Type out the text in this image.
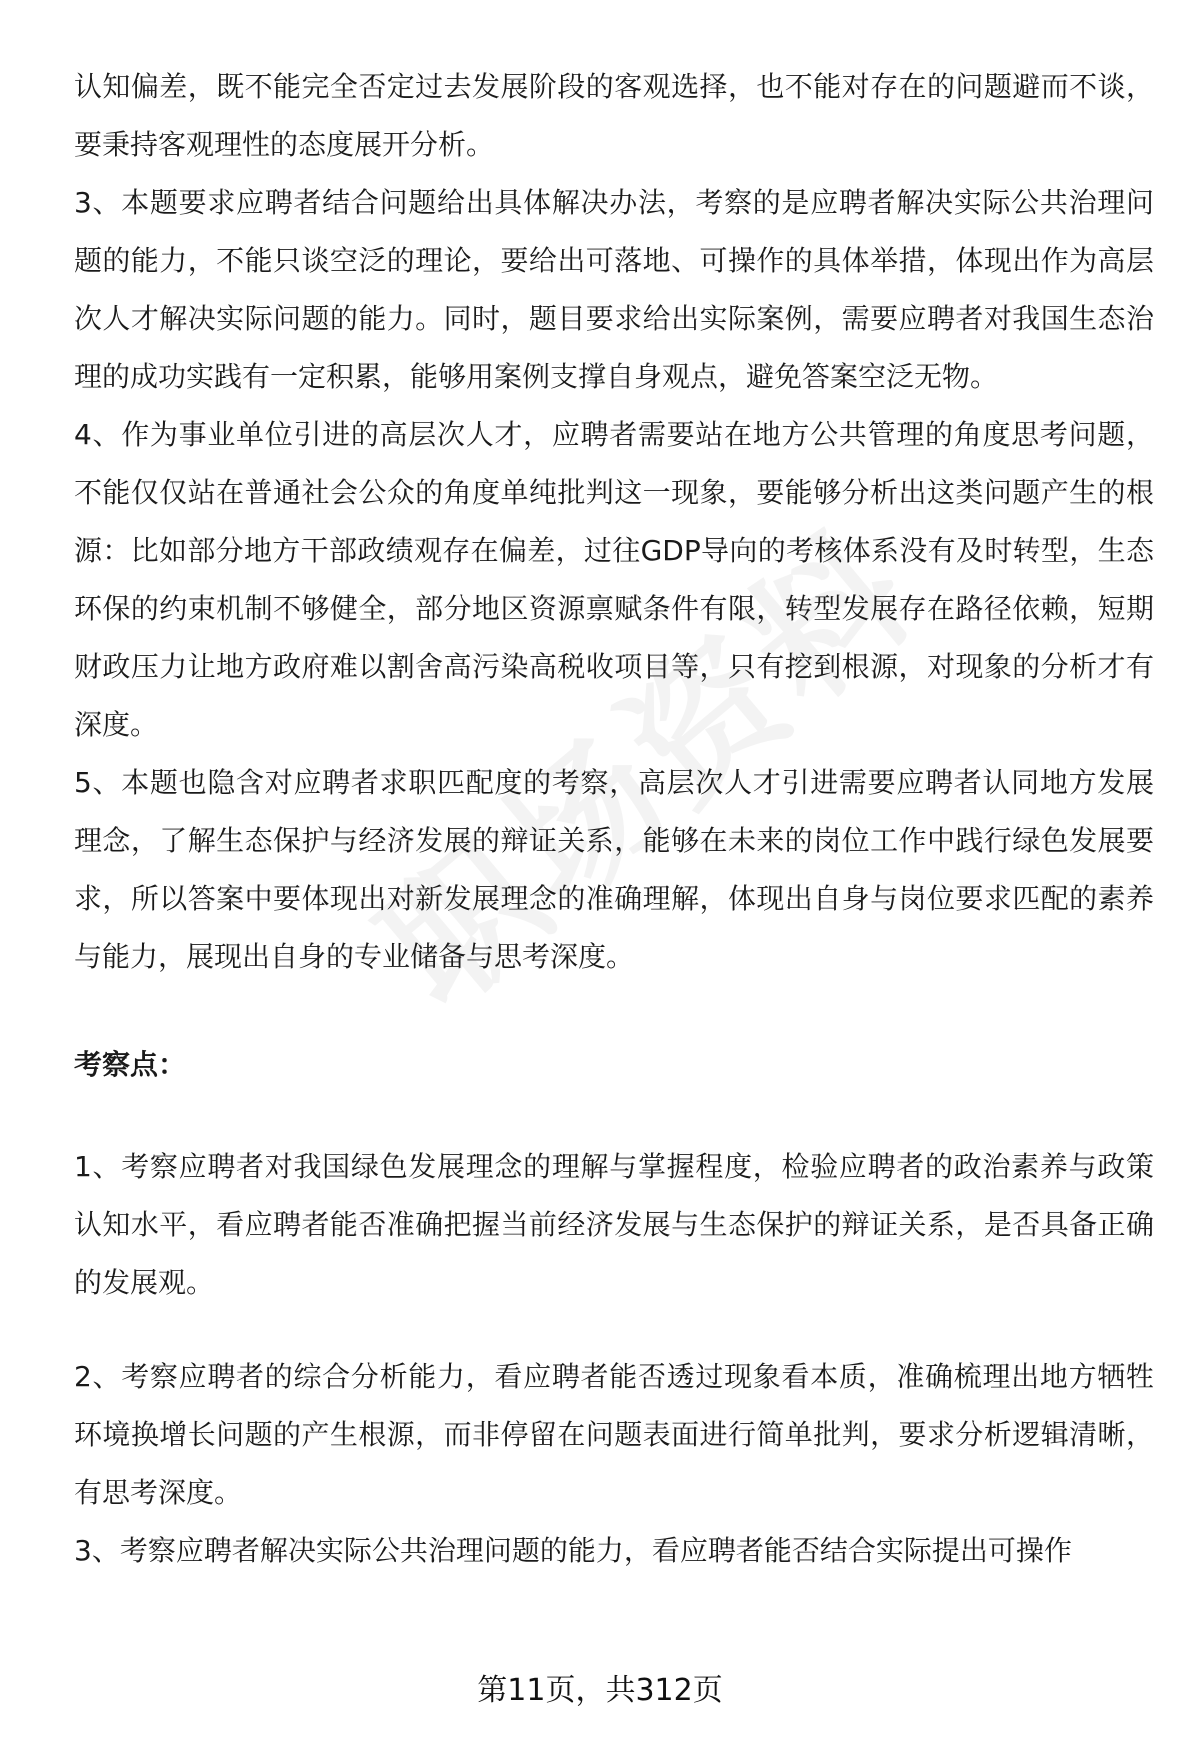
认知偏差，既不能完全否定过去发展阶段的客观选择，也不能对存在的问题避而不谈，要秉持客观理性的态度展开分析。

3、本题要求应聘者结合问题给出具体解决办法，考察的是应聘者解决实际公共治理问题的能力，不能只谈空泛的理论，要给出可落地、可操作的具体举措，体现出作为高层次人才解决实际问题的能力。同时，题目要求给出实际案例，需要应聘者对我国生态治理的成功实践有一定积累，能够用案例支撑自身观点，避免答案空泛无物。

4、作为事业单位引进的高层次人才，应聘者需要站在地方公共管理的角度思考问题，不能仅仅站在普通社会公众的角度单纯批判这一现象，要能够分析出这类问题产生的根源：比如部分地方干部政绩观存在偏差，过往GDP导向的考核体系没有及时转型，生态环保的约束机制不够健全，部分地区资源禀赋条件有限，转型发展存在路径依赖，短期财政压力让地方政府难以割舍高污染高税收项目等，只有挖到根源，对现象的分析才有深度。

5、本题也隐含对应聘者求职匹配度的考察，高层次人才引进需要应聘者认同地方发展理念，了解生态保护与经济发展的辩证关系，能够在未来的岗位工作中践行绿色发展要求，所以答案中要体现出对新发展理念的准确理解，体现出自身与岗位要求匹配的素养与能力，展现出自身的专业储备与思考深度。

考察点：

1、考察应聘者对我国绿色发展理念的理解与掌握程度，检验应聘者的政治素养与政策认知水平，看应聘者能否准确把握当前经济发展与生态保护的辩证关系，是否具备正确的发展观。

2、考察应聘者的综合分析能力，看应聘者能否透过现象看本质，准确梳理出地方牺牲环境换增长问题的产生根源，而非停留在问题表面进行简单批判，要求分析逻辑清晰，有思考深度。

3、考察应聘者解决实际公共治理问题的能力，看应聘者能否结合实际提出可操作

第11页，共312页
